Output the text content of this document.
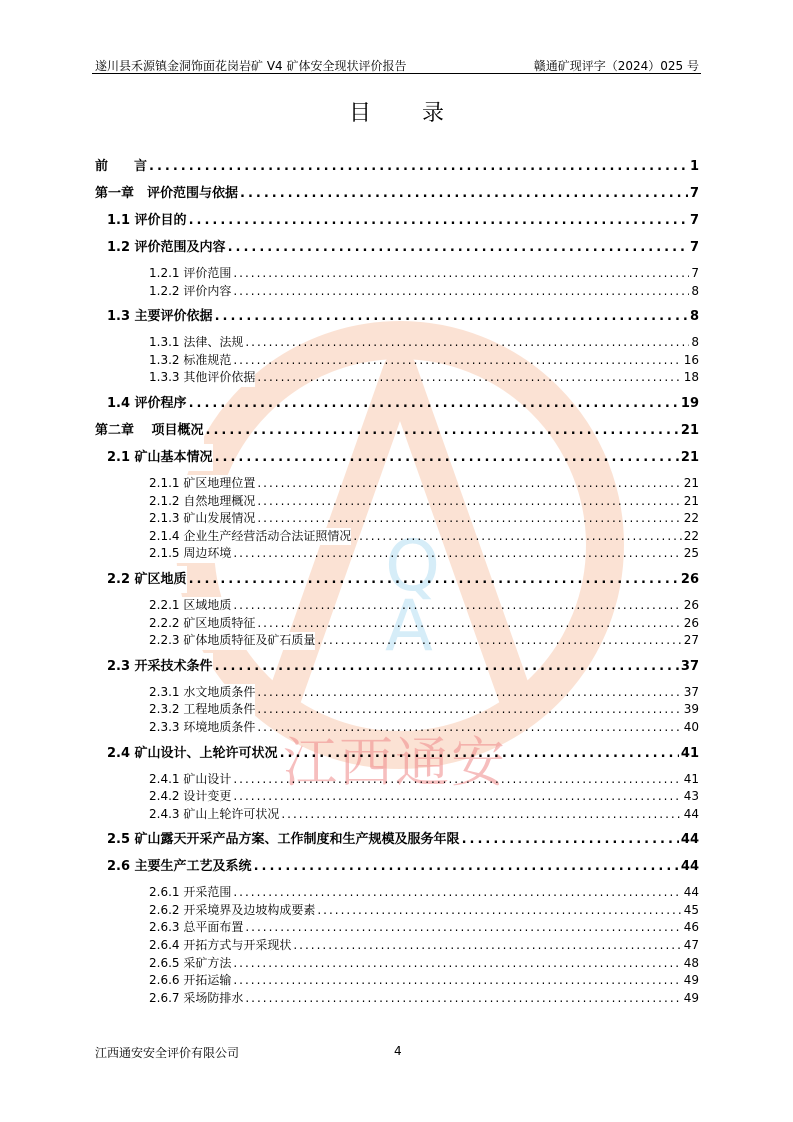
遂川县禾源镇金洞饰面花岗岩矿 V4 矿体安全现状评价报告	赣通矿现评字（2024）025 号
Q
A
江西通安
目 录
前　　言 .....	1
第一章　评价范围与依据 .....	7
1.1 评价目的 .....	7
1.2 评价范围及内容 .....	7
1.2.1 评价范围 .....	7
1.2.2 评价内容 .....	8
1.3 主要评价依据 .....	8
1.3.1 法律、法规 .....	8
1.3.2 标准规范 .....	16
1.3.3 其他评价依据 .....	18
1.4 评价程序 .....	19
第二章　 项目概况 .....	21
2.1 矿山基本情况 .....	21
2.1.1 矿区地理位置 .....	21
2.1.2 自然地理概况 .....	21
2.1.3 矿山发展情况 .....	22
2.1.4 企业生产经营活动合法证照情况 .....	22
2.1.5 周边环境 .....	25
2.2 矿区地质 .....	26
2.2.1 区域地质 .....	26
2.2.2 矿区地质特征 .....	26
2.2.3 矿体地质特征及矿石质量 .....	27
2.3 开采技术条件 .....	37
2.3.1 水文地质条件 .....	37
2.3.2 工程地质条件 .....	39
2.3.3 环境地质条件 .....	40
2.4 矿山设计、上轮许可状况 .....	41
2.4.1 矿山设计 .....	41
2.4.2 设计变更 .....	43
2.4.3 矿山上轮许可状况 .....	44
2.5 矿山露天开采产品方案、工作制度和生产规模及服务年限 .....	44
2.6 主要生产工艺及系统 .....	44
2.6.1 开采范围 .....	44
2.6.2 开采境界及边坡构成要素 .....	45
2.6.3 总平面布置 .....	46
2.6.4 开拓方式与开采现状 .....	47
2.6.5 采矿方法 .....	48
2.6.6 开拓运输 .....	49
2.6.7 采场防排水 .....	49
江西通安安全评价有限公司	4
